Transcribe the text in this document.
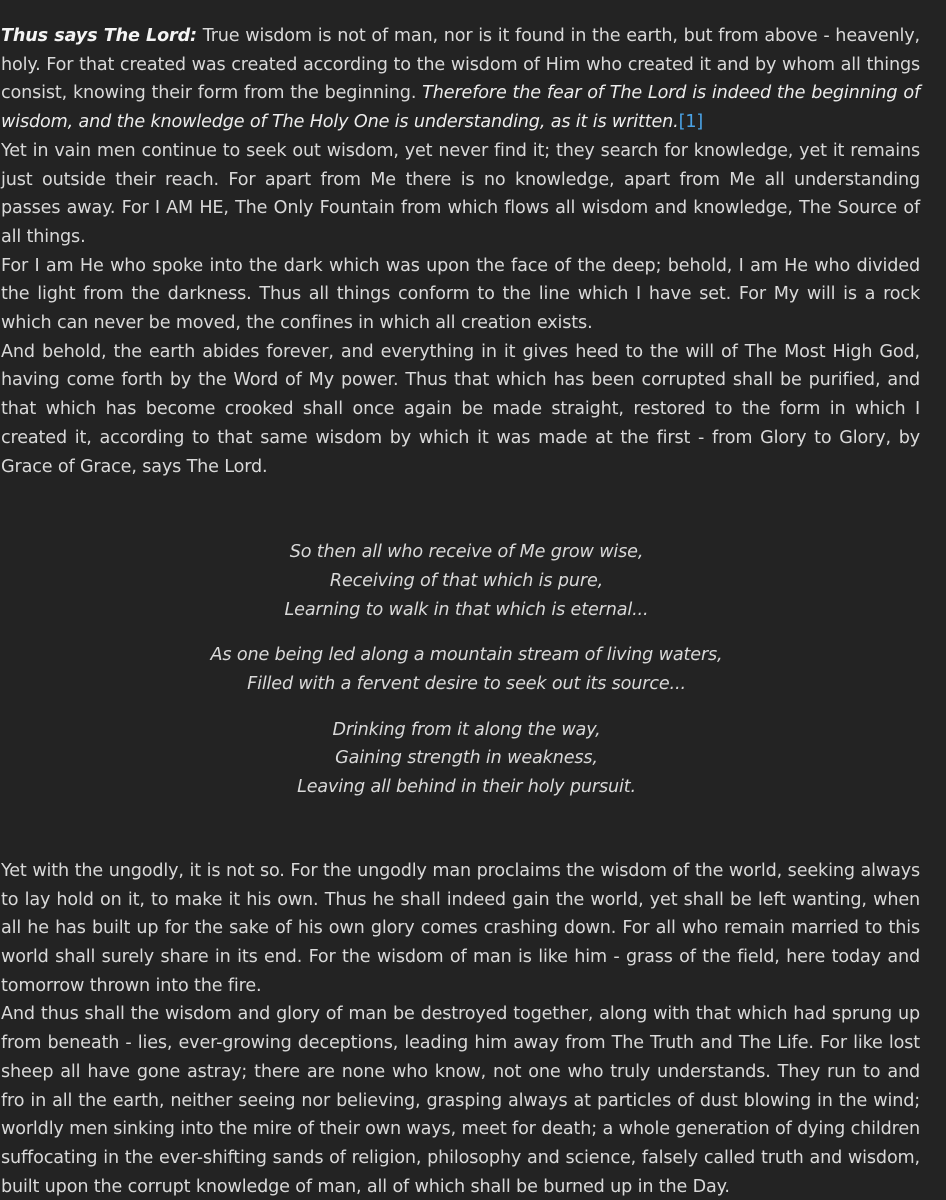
Thus says The Lord: True wisdom is not of man, nor is it found in the earth, but from above - heavenly, holy. For that created was created according to the wisdom of Him who created it and by whom all things consist, knowing their form from the beginning. Therefore the fear of The Lord is indeed the beginning of wisdom, and the knowledge of The Holy One is understanding, as it is written.[1]

Yet in vain men continue to seek out wisdom, yet never find it; they search for knowledge, yet it remains just outside their reach. For apart from Me there is no knowledge, apart from Me all understanding passes away. For I AM HE, The Only Fountain from which flows all wisdom and knowledge, The Source of all things.

For I am He who spoke into the dark which was upon the face of the deep; behold, I am He who divided the light from the darkness. Thus all things conform to the line which I have set. For My will is a rock which can never be moved, the confines in which all creation exists.

And behold, the earth abides forever, and everything in it gives heed to the will of The Most High God, having come forth by the Word of My power. Thus that which has been corrupted shall be purified, and that which has become crooked shall once again be made straight, restored to the form in which I created it, according to that same wisdom by which it was made at the first - from Glory to Glory, by Grace of Grace, says The Lord.

So then all who receive of Me grow wise,
Receiving of that which is pure,
Learning to walk in that which is eternal...
As one being led along a mountain stream of living waters,
Filled with a fervent desire to seek out its source...
Drinking from it along the way,
Gaining strength in weakness,
Leaving all behind in their holy pursuit.

Yet with the ungodly, it is not so. For the ungodly man proclaims the wisdom of the world, seeking always to lay hold on it, to make it his own. Thus he shall indeed gain the world, yet shall be left wanting, when all he has built up for the sake of his own glory comes crashing down. For all who remain married to this world shall surely share in its end. For the wisdom of man is like him - grass of the field, here today and tomorrow thrown into the fire.

And thus shall the wisdom and glory of man be destroyed together, along with that which had sprung up from beneath - lies, ever-growing deceptions, leading him away from The Truth and The Life. For like lost sheep all have gone astray; there are none who know, not one who truly understands. They run to and fro in all the earth, neither seeing nor believing, grasping always at particles of dust blowing in the wind; worldly men sinking into the mire of their own ways, meet for death; a whole generation of dying children suffocating in the ever-shifting sands of religion, philosophy and science, falsely called truth and wisdom, built upon the corrupt knowledge of man, all of which shall be burned up in the Day.
